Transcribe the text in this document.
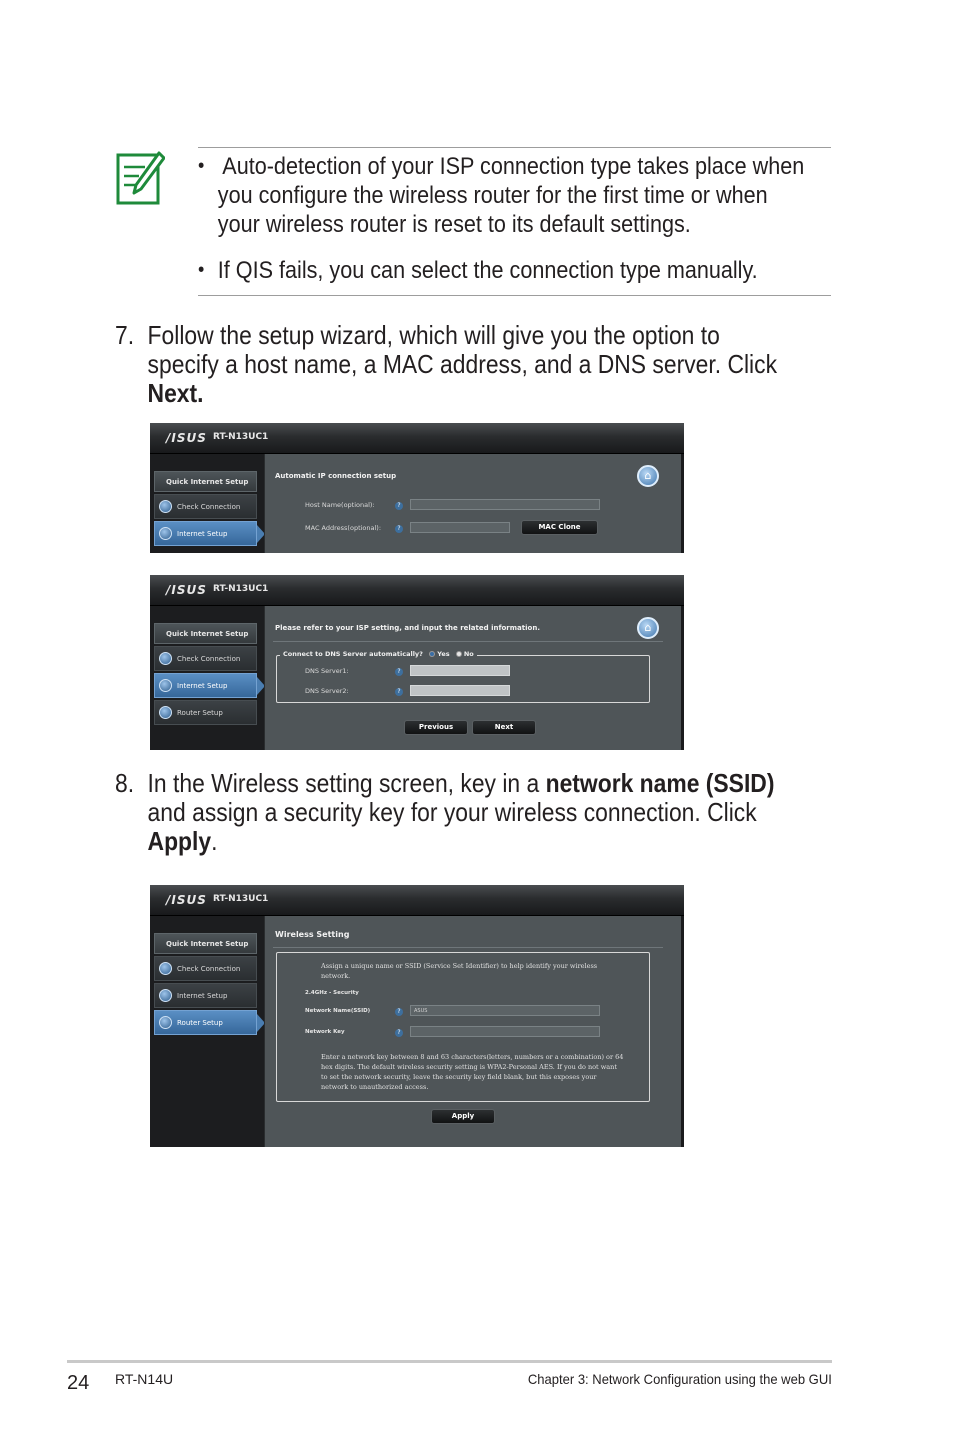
• Auto-detection of your ISP connection type takes place when
you configure the wireless router for the first time or when
your wireless router is reset to its default settings.
• If QIS fails, you can select the connection type manually.
7. Follow the setup wizard, which will give you the option to
specify a host name, a MAC address, and a DNS server. Click
Next.
/ISUS RT-N13UC1
Quick Internet Setup
Check Connection
Internet Setup
Automatic IP connection setup	⌂
Host Name(optional):	?
MAC Address(optional):	?	MAC Clone
/ISUS RT-N13UC1
Quick Internet Setup
Check Connection
Internet Setup
Router Setup
Please refer to your ISP setting, and input the related information.	⌂
Connect to DNS Server automatically? Yes No
DNS Server1:	?
DNS Server2:	?
Previous	Next
8. In the Wireless setting screen, key in a network name (SSID)
and assign a security key for your wireless connection. Click
Apply.
/ISUS RT-N13UC1
Quick Internet Setup
Check Connection
Internet Setup
Router Setup
Wireless Setting
Assign a unique name or SSID (Service Set Identifier) to help identify your wireless
network.
2.4GHz - Security
Network Name(SSID)	?	ASUS
Network Key	?
Enter a network key between 8 and 63 characters(letters, numbers or a combination) or 64
hex digits. The default wireless security setting is WPA2-Personal AES. If you do not want
to set the network security, leave the security key field blank, but this exposes your
network to unauthorized access.
Apply
24 RT-N14U	Chapter 3: Network Configuration using the web GUI
